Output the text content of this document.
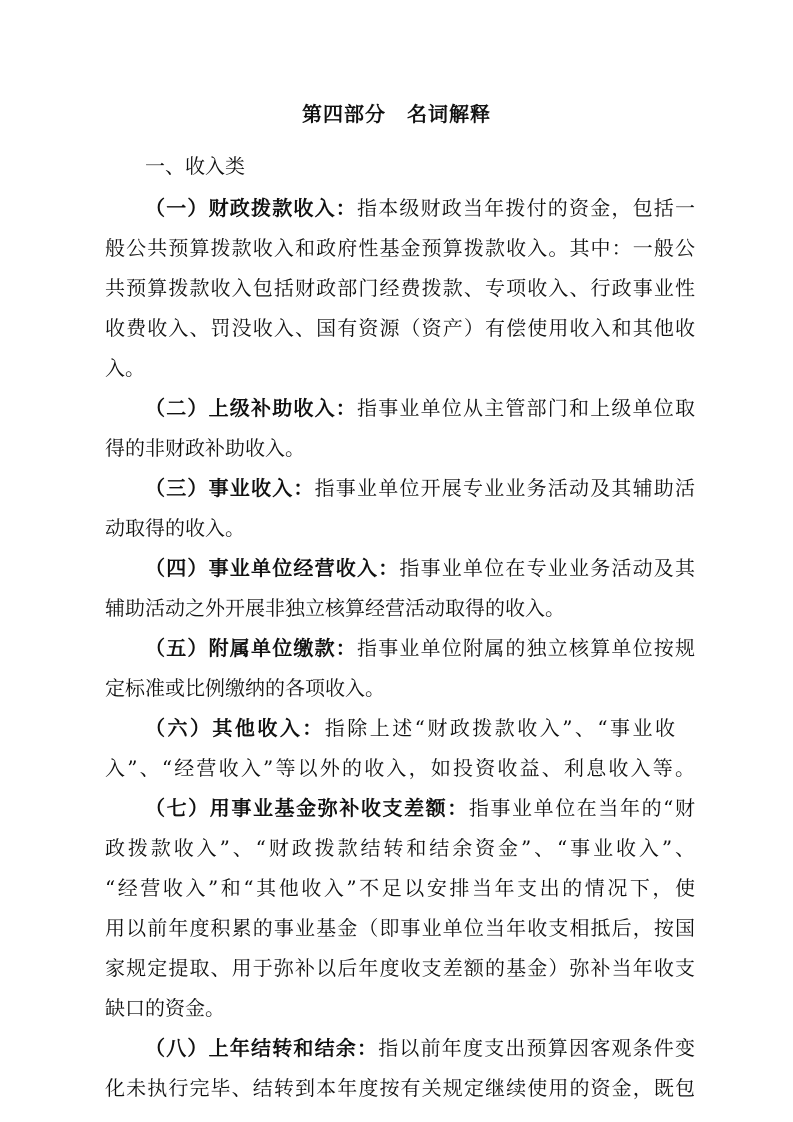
第四部分　名词解释
一、收入类
（一）财政拨款收入：指本级财政当年拨付的资金，包括一
般公共预算拨款收入和政府性基金预算拨款收入。其中：一般公
共预算拨款收入包括财政部门经费拨款、专项收入、行政事业性
收费收入、罚没收入、国有资源（资产）有偿使用收入和其他收
入。
（二）上级补助收入：指事业单位从主管部门和上级单位取
得的非财政补助收入。
（三）事业收入：指事业单位开展专业业务活动及其辅助活
动取得的收入。
（四）事业单位经营收入：指事业单位在专业业务活动及其
辅助活动之外开展非独立核算经营活动取得的收入。
（五）附属单位缴款：指事业单位附属的独立核算单位按规
定标准或比例缴纳的各项收入。
（六）其他收入：指除上述“财政拨款收入”、“事业收
入”、“经营收入”等以外的收入，如投资收益、利息收入等。
（七）用事业基金弥补收支差额：指事业单位在当年的“财
政拨款收入”、“财政拨款结转和结余资金”、“事业收入”、
“经营收入”和“其他收入”不足以安排当年支出的情况下，使
用以前年度积累的事业基金（即事业单位当年收支相抵后，按国
家规定提取、用于弥补以后年度收支差额的基金）弥补当年收支
缺口的资金。
（八）上年结转和结余：指以前年度支出预算因客观条件变
化未执行完毕、结转到本年度按有关规定继续使用的资金，既包
